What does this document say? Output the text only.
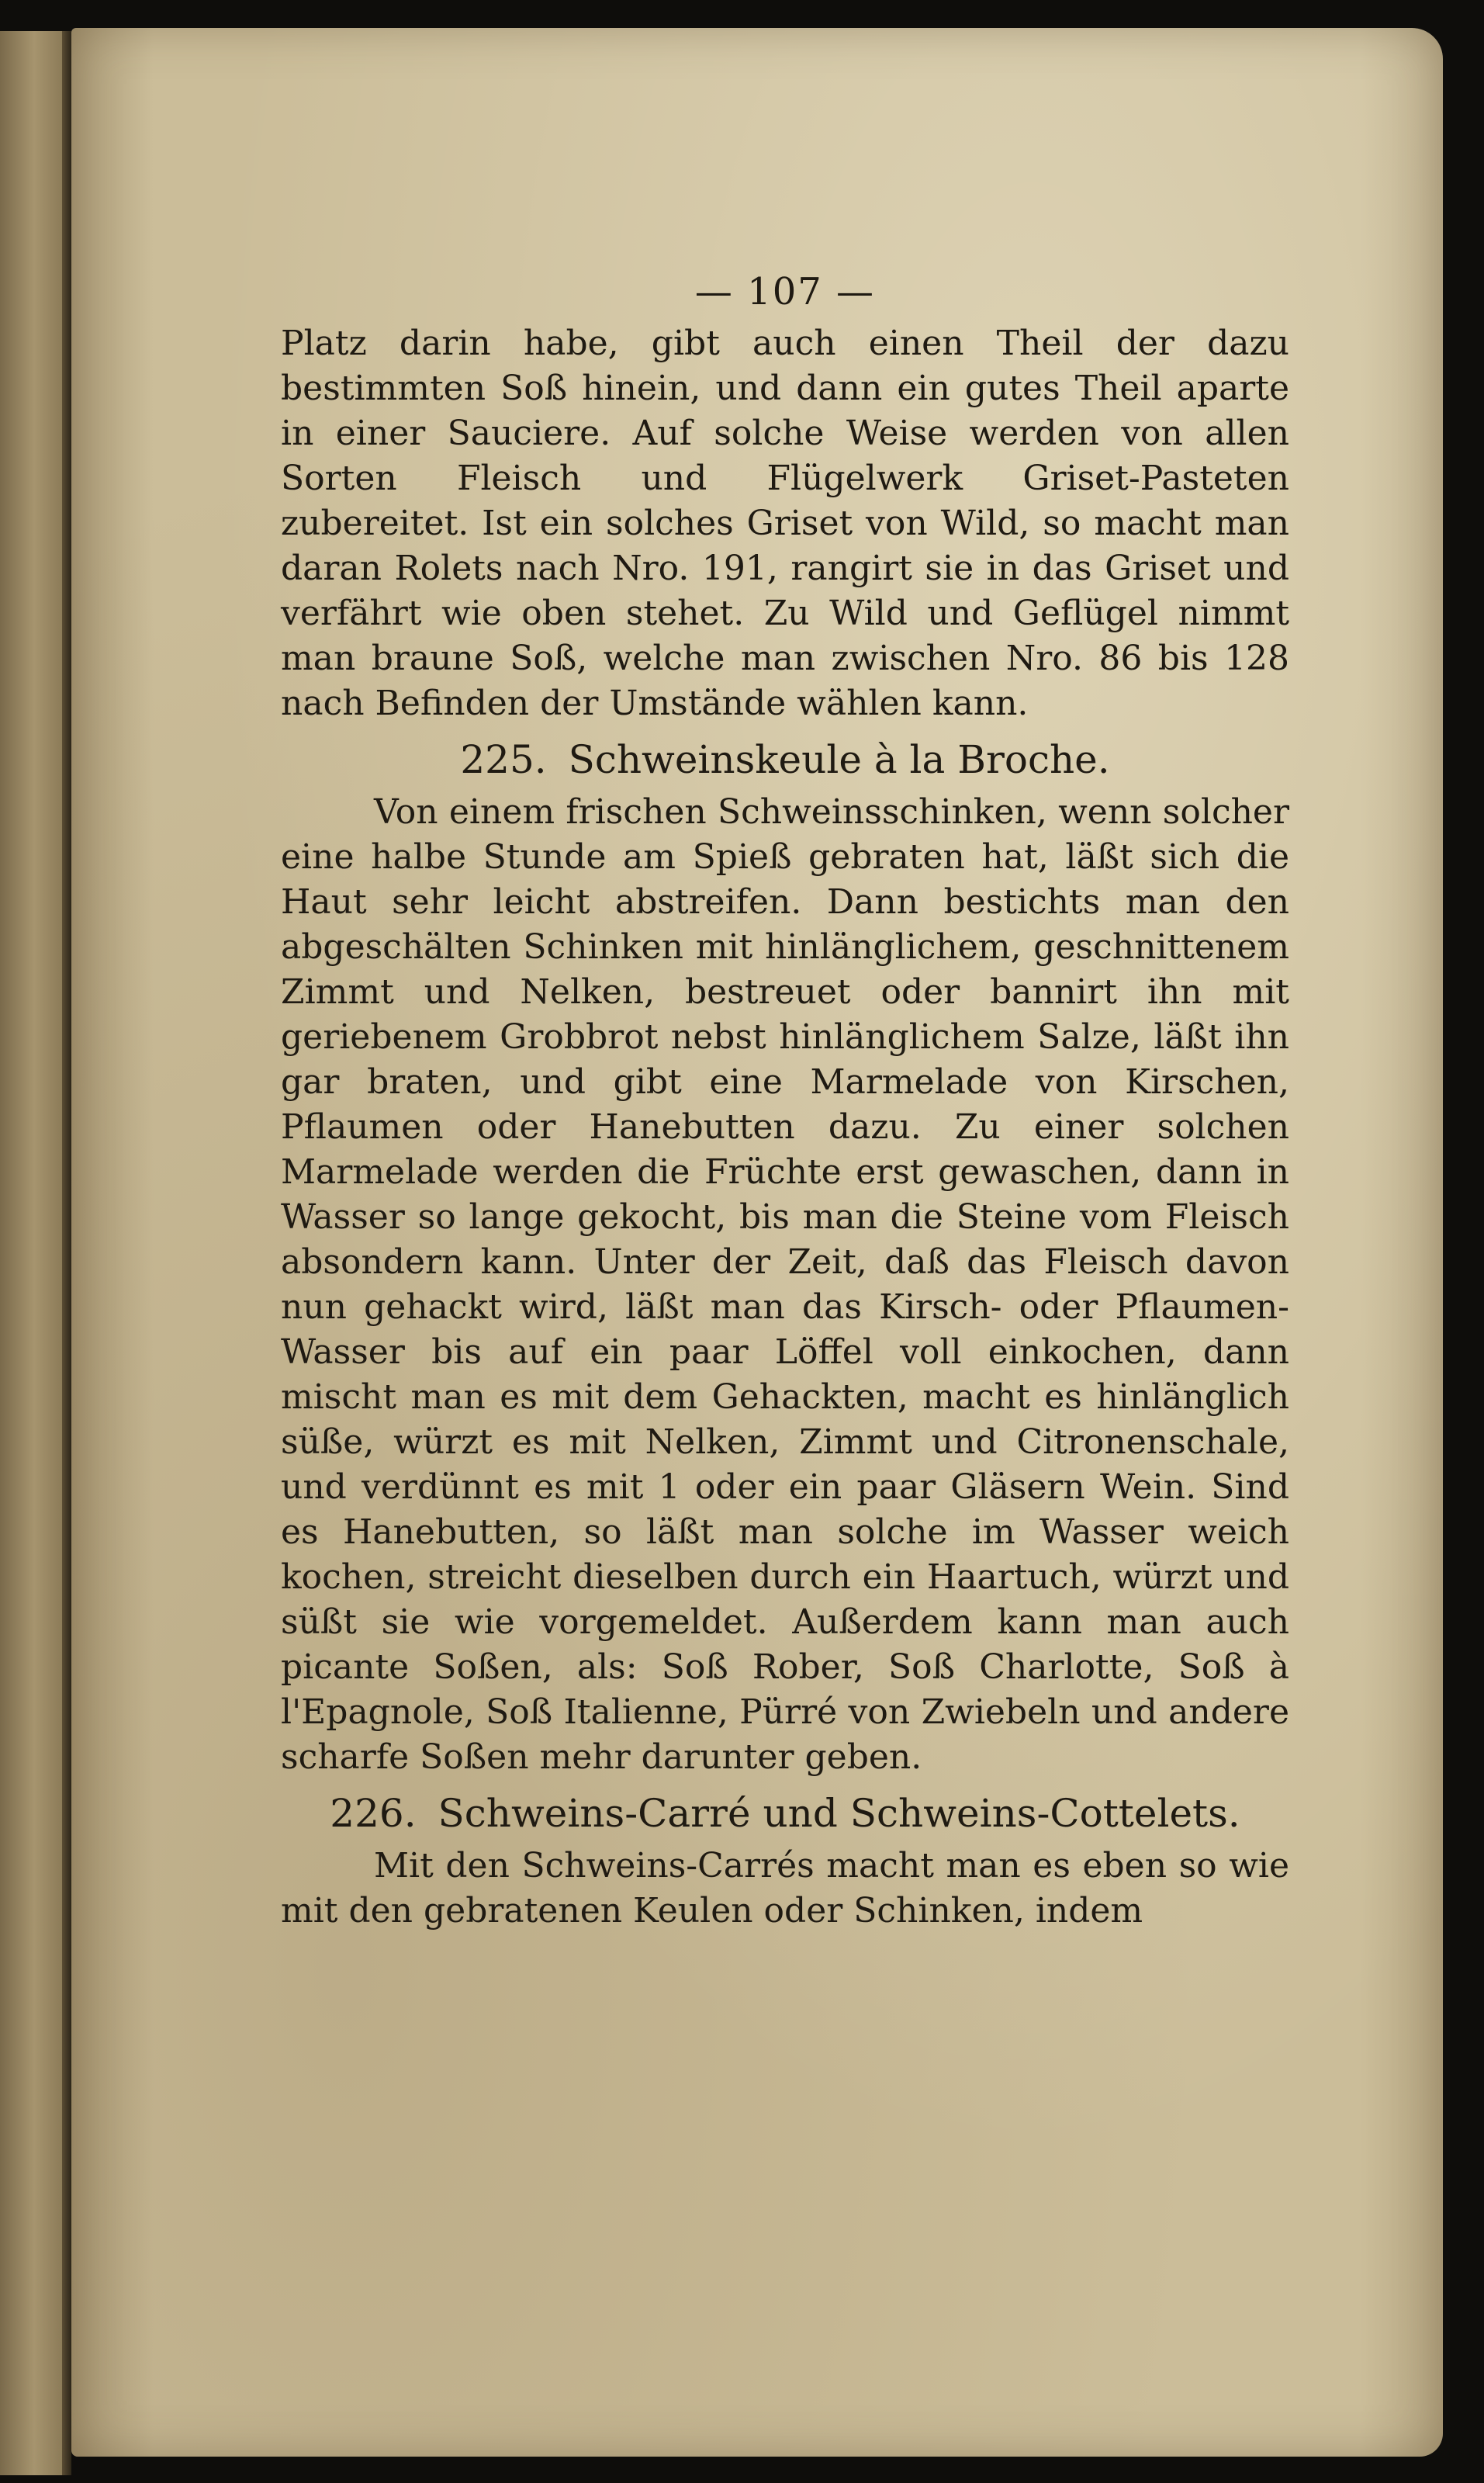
— 107 —

Platz darin habe, gibt auch einen Theil der dazu bestimmten Soß hinein, und dann ein gutes Theil aparte in einer Sauciere. Auf solche Weise werden von allen Sorten Fleisch und Flügelwerk Griset-Pasteten zubereitet. Ist ein solches Griset von Wild, so macht man daran Rolets nach Nro. 191, rangirt sie in das Griset und verfährt wie oben stehet. Zu Wild und Geflügel nimmt man braune Soß, welche man zwischen Nro. 86 bis 128 nach Befinden der Umstände wählen kann.

225. Schweinskeule à la Broche.

Von einem frischen Schweinsschinken, wenn solcher eine halbe Stunde am Spieß gebraten hat, läßt sich die Haut sehr leicht abstreifen. Dann bestichts man den abgeschälten Schinken mit hinlänglichem, geschnittenem Zimmt und Nelken, bestreuet oder bannirt ihn mit geriebenem Grobbrot nebst hinlänglichem Salze, läßt ihn gar braten, und gibt eine Marmelade von Kirschen, Pflaumen oder Hanebutten dazu. Zu einer solchen Marmelade werden die Früchte erst gewaschen, dann in Wasser so lange gekocht, bis man die Steine vom Fleisch absondern kann. Unter der Zeit, daß das Fleisch davon nun gehackt wird, läßt man das Kirsch- oder Pflaumen-Wasser bis auf ein paar Löffel voll einkochen, dann mischt man es mit dem Gehackten, macht es hinlänglich süße, würzt es mit Nelken, Zimmt und Citronenschale, und verdünnt es mit 1 oder ein paar Gläsern Wein. Sind es Hanebutten, so läßt man solche im Wasser weich kochen, streicht dieselben durch ein Haartuch, würzt und süßt sie wie vorgemeldet. Außerdem kann man auch picante Soßen, als: Soß Rober, Soß Charlotte, Soß à l'Epagnole, Soß Italienne, Pürré von Zwiebeln und andere scharfe Soßen mehr darunter geben.

226. Schweins-Carré und Schweins-Cottelets.

Mit den Schweins-Carrés macht man es eben so wie mit den gebratenen Keulen oder Schinken, indem
